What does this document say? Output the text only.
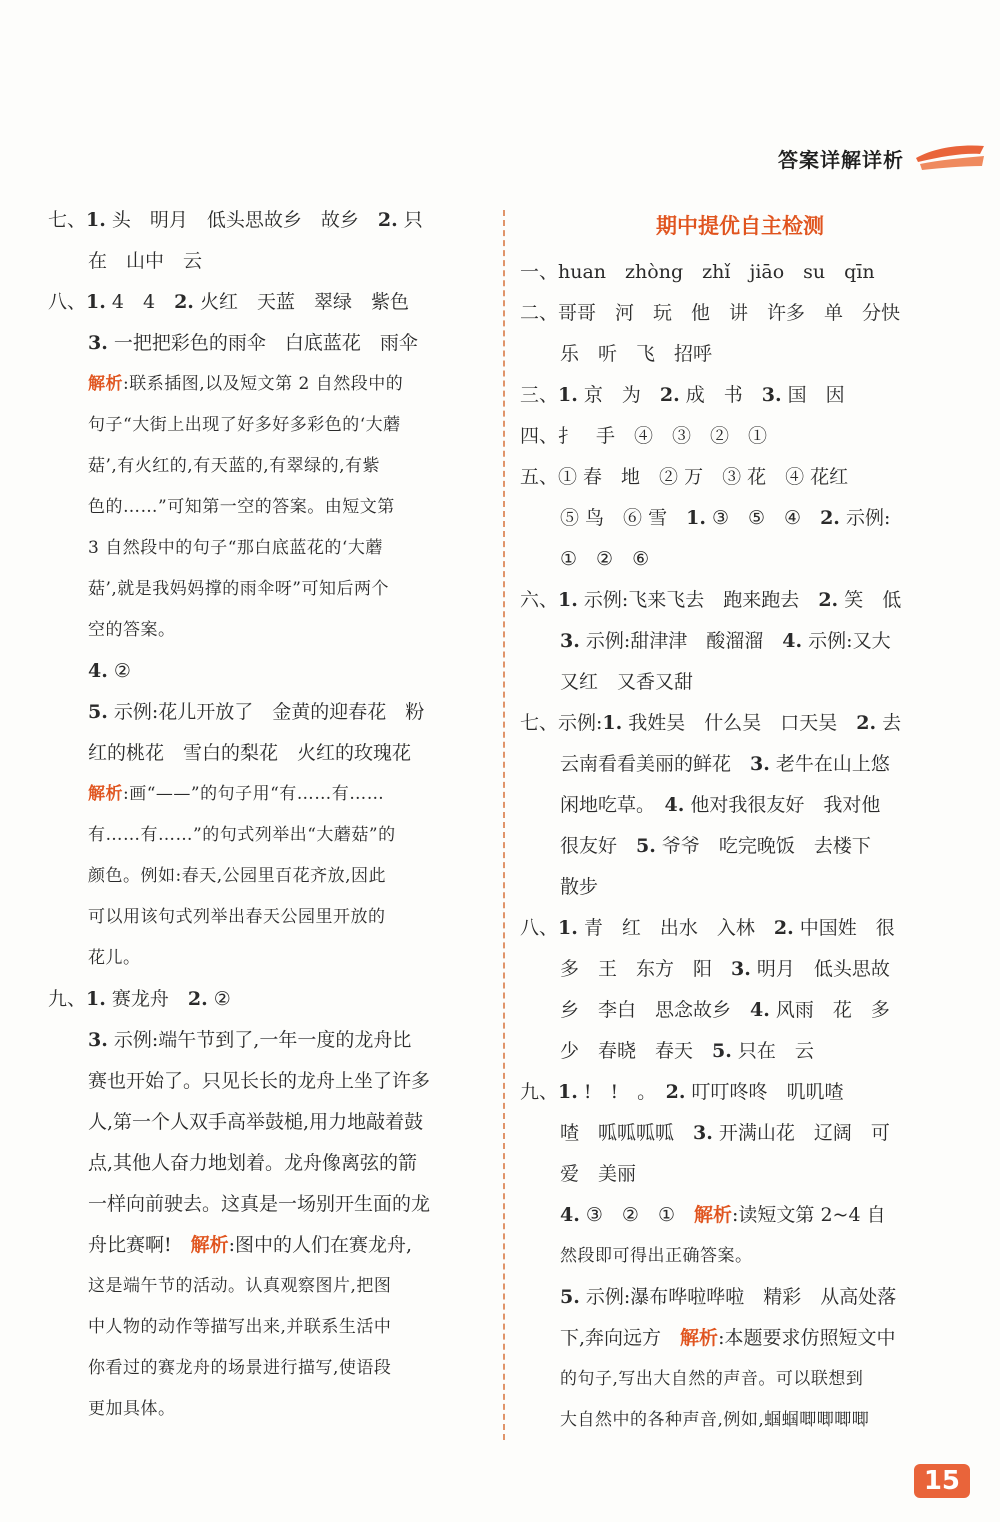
答案详解详析
七、1. 头　明月　低头思故乡　故乡　2. 只
在　山中　云
八、1. 4　4　2. 火红　天蓝　翠绿　紫色
3. 一把把彩色的雨伞　白底蓝花　雨伞
解析:联系插图,以及短文第 2 自然段中的
句子“大街上出现了好多好多彩色的‘大蘑
菇’,有火红的,有天蓝的,有翠绿的,有紫
色的……”可知第一空的答案。由短文第
3 自然段中的句子“那白底蓝花的‘大蘑
菇’,就是我妈妈撑的雨伞呀”可知后两个
空的答案。
4. ②
5. 示例:花儿开放了　金黄的迎春花　粉
红的桃花　雪白的梨花　火红的玫瑰花
解析:画“——”的句子用“有……有……
有……有……”的句式列举出“大蘑菇”的
颜色。例如:春天,公园里百花齐放,因此
可以用该句式列举出春天公园里开放的
花儿。
九、1. 赛龙舟　2. ②
3. 示例:端午节到了,一年一度的龙舟比
赛也开始了。只见长长的龙舟上坐了许多
人,第一个人双手高举鼓槌,用力地敲着鼓
点,其他人奋力地划着。龙舟像离弦的箭
一样向前驶去。这真是一场别开生面的龙
舟比赛啊!　解析:图中的人们在赛龙舟,
这是端午节的活动。认真观察图片,把图
中人物的动作等描写出来,并联系生活中
你看过的赛龙舟的场景进行描写,使语段
更加具体。
期中提优自主检测
一、huan　zhòng　zhǐ　jiāo　su　qīn
二、哥哥　河　玩　他　讲　许多　单　分快
乐　听　飞　招呼
三、1. 京　为　2. 成　书　3. 国　因
四、扌　手　④　③　②　①
五、① 春　地　② 万　③ 花　④ 花红
⑤ 鸟　⑥ 雪　1. ③　⑤　④　2. 示例:
①　②　⑥
六、1. 示例:飞来飞去　跑来跑去　2. 笑　低
3. 示例:甜津津　酸溜溜　4. 示例:又大
又红　又香又甜
七、示例:1. 我姓吴　什么吴　口天吴　2. 去
云南看看美丽的鲜花　3. 老牛在山上悠
闲地吃草。　4. 他对我很友好　我对他
很友好　5. 爷爷　吃完晚饭　去楼下
散步
八、1. 青　红　出水　入林　2. 中国姓　很
多　王　东方　阳　3. 明月　低头思故
乡　李白　思念故乡　4. 风雨　花　多
少　春晓　春天　5. 只在　云
九、1. !　!　。　2. 叮叮咚咚　叽叽喳
喳　呱呱呱呱　3. 开满山花　辽阔　可
爱　美丽
4. ③　②　①　解析:读短文第 2~4 自
然段即可得出正确答案。
5. 示例:瀑布哗啦哗啦　精彩　从高处落
下,奔向远方　解析:本题要求仿照短文中
的句子,写出大自然的声音。可以联想到
大自然中的各种声音,例如,蝈蝈唧唧唧唧
15
